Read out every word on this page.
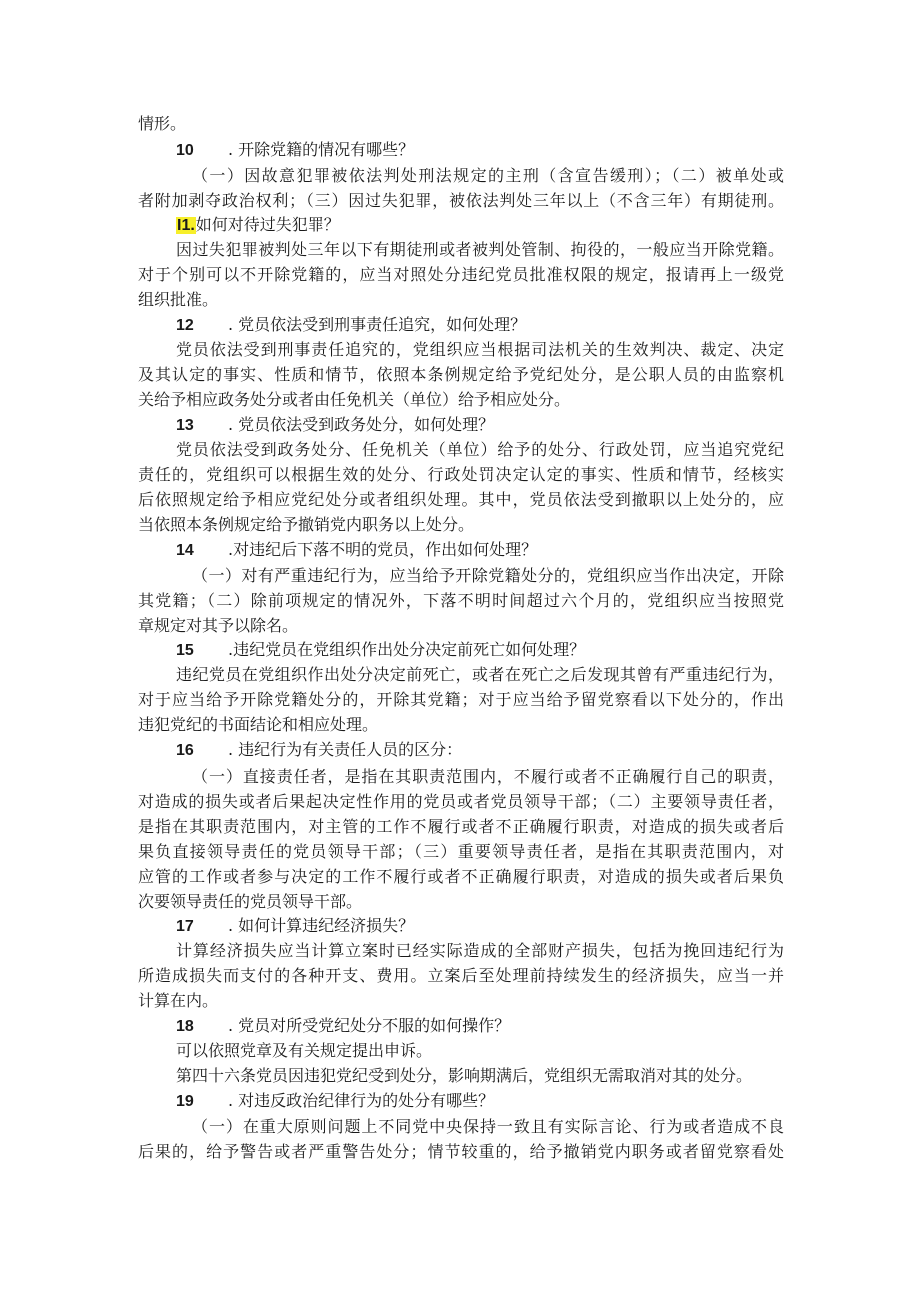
情形。
10 . 开除党籍的情况有哪些？
（一）因故意犯罪被依法判处刑法规定的主刑（含宣告缓刑）；（二）被单处或
者附加剥夺政治权利；（三）因过失犯罪，被依法判处三年以上（不含三年）有期徒刑。
I1.如何对待过失犯罪？
因过失犯罪被判处三年以下有期徒刑或者被判处管制、拘役的，一般应当开除党籍。
对于个别可以不开除党籍的，应当对照处分违纪党员批准权限的规定，报请再上一级党
组织批准。
12 . 党员依法受到刑事责任追究，如何处理？
党员依法受到刑事责任追究的，党组织应当根据司法机关的生效判决、裁定、决定
及其认定的事实、性质和情节，依照本条例规定给予党纪处分，是公职人员的由监察机
关给予相应政务处分或者由任免机关（单位）给予相应处分。
13 . 党员依法受到政务处分，如何处理？
党员依法受到政务处分、任免机关（单位）给予的处分、行政处罚，应当追究党纪
责任的，党组织可以根据生效的处分、行政处罚决定认定的事实、性质和情节，经核实
后依照规定给予相应党纪处分或者组织处理。其中，党员依法受到撤职以上处分的，应
当依照本条例规定给予撤销党内职务以上处分。
14 .对违纪后下落不明的党员，作出如何处理？
（一）对有严重违纪行为，应当给予开除党籍处分的，党组织应当作出决定，开除
其党籍；（二）除前项规定的情况外，下落不明时间超过六个月的，党组织应当按照党
章规定对其予以除名。
15 .违纪党员在党组织作出处分决定前死亡如何处理？
违纪党员在党组织作出处分决定前死亡，或者在死亡之后发现其曾有严重违纪行为，
对于应当给予开除党籍处分的，开除其党籍；对于应当给予留党察看以下处分的，作出
违犯党纪的书面结论和相应处理。
16 . 违纪行为有关责任人员的区分：
（一）直接责任者，是指在其职责范围内，不履行或者不正确履行自己的职责，
对造成的损失或者后果起决定性作用的党员或者党员领导干部；（二）主要领导责任者，
是指在其职责范围内，对主管的工作不履行或者不正确履行职责，对造成的损失或者后
果负直接领导责任的党员领导干部；（三）重要领导责任者，是指在其职责范围内，对
应管的工作或者参与决定的工作不履行或者不正确履行职责，对造成的损失或者后果负
次要领导责任的党员领导干部。
17 . 如何计算违纪经济损失？
计算经济损失应当计算立案时已经实际造成的全部财产损失，包括为挽回违纪行为
所造成损失而支付的各种开支、费用。立案后至处理前持续发生的经济损失，应当一并
计算在内。
18 . 党员对所受党纪处分不服的如何操作？
可以依照党章及有关规定提出申诉。
第四十六条党员因违犯党纪受到处分，影响期满后，党组织无需取消对其的处分。
19 . 对违反政治纪律行为的处分有哪些？
（一）在重大原则问题上不同党中央保持一致且有实际言论、行为或者造成不良
后果的，给予警告或者严重警告处分；情节较重的，给予撤销党内职务或者留党察看处
